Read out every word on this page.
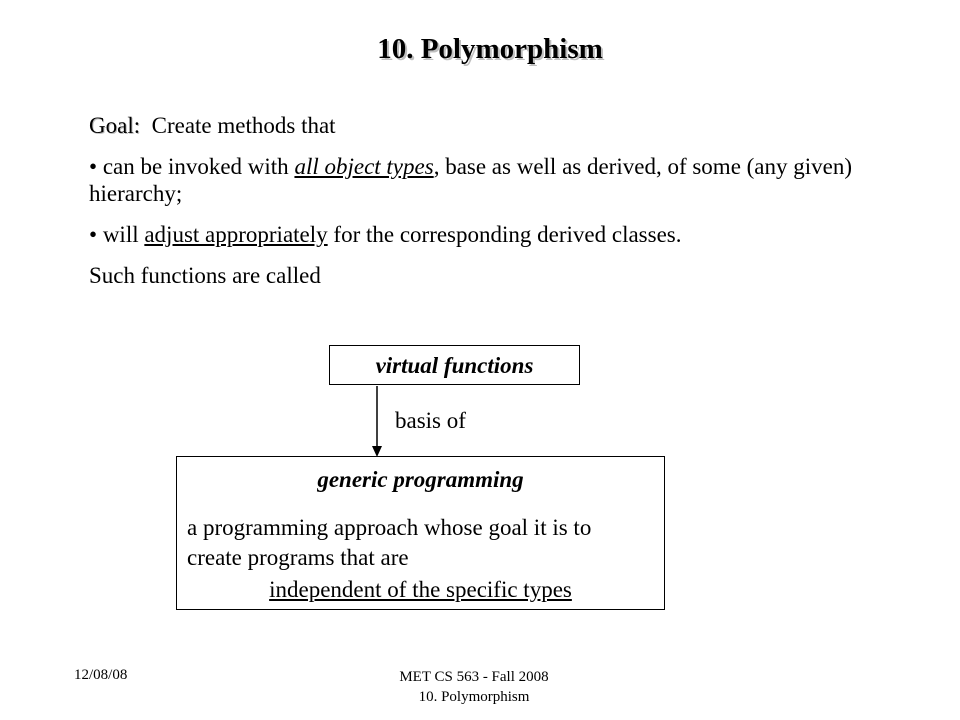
10. Polymorphism

Goal: Create methods that

• can be invoked with all object types, base as well as derived, of some (any given) hierarchy;

• will adjust appropriately for the corresponding derived classes.

Such functions are called

virtual functions
basis of
generic programming
a programming approach whose goal it is to
create programs that are
independent of the specific types
12/08/08	MET CS 563 - Fall 2008
10. Polymorphism
